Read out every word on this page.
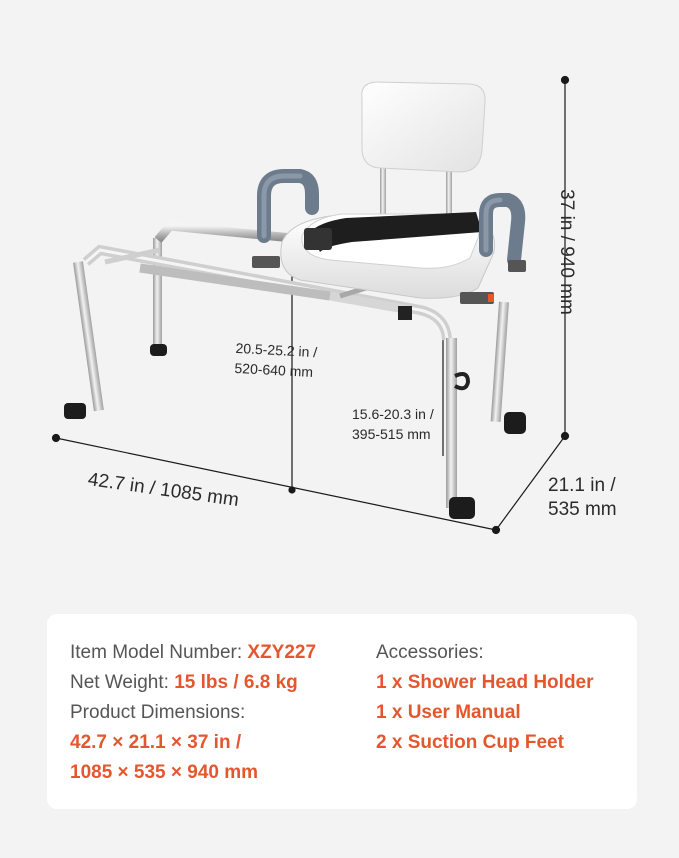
37 in / 940 mm
42.7 in / 1085 mm	21.1 in /
535 mm
20.5-25.2 in /
520-640 mm
15.6-20.3 in /
395-515 mm
Item Model Number: XZY227
Net Weight: 15 lbs / 6.8 kg
Product Dimensions:
42.7 × 21.1 × 37 in /
1085 × 535 × 940 mm
Accessories:
1 x Shower Head Holder
1 x User Manual
2 x Suction Cup Feet
